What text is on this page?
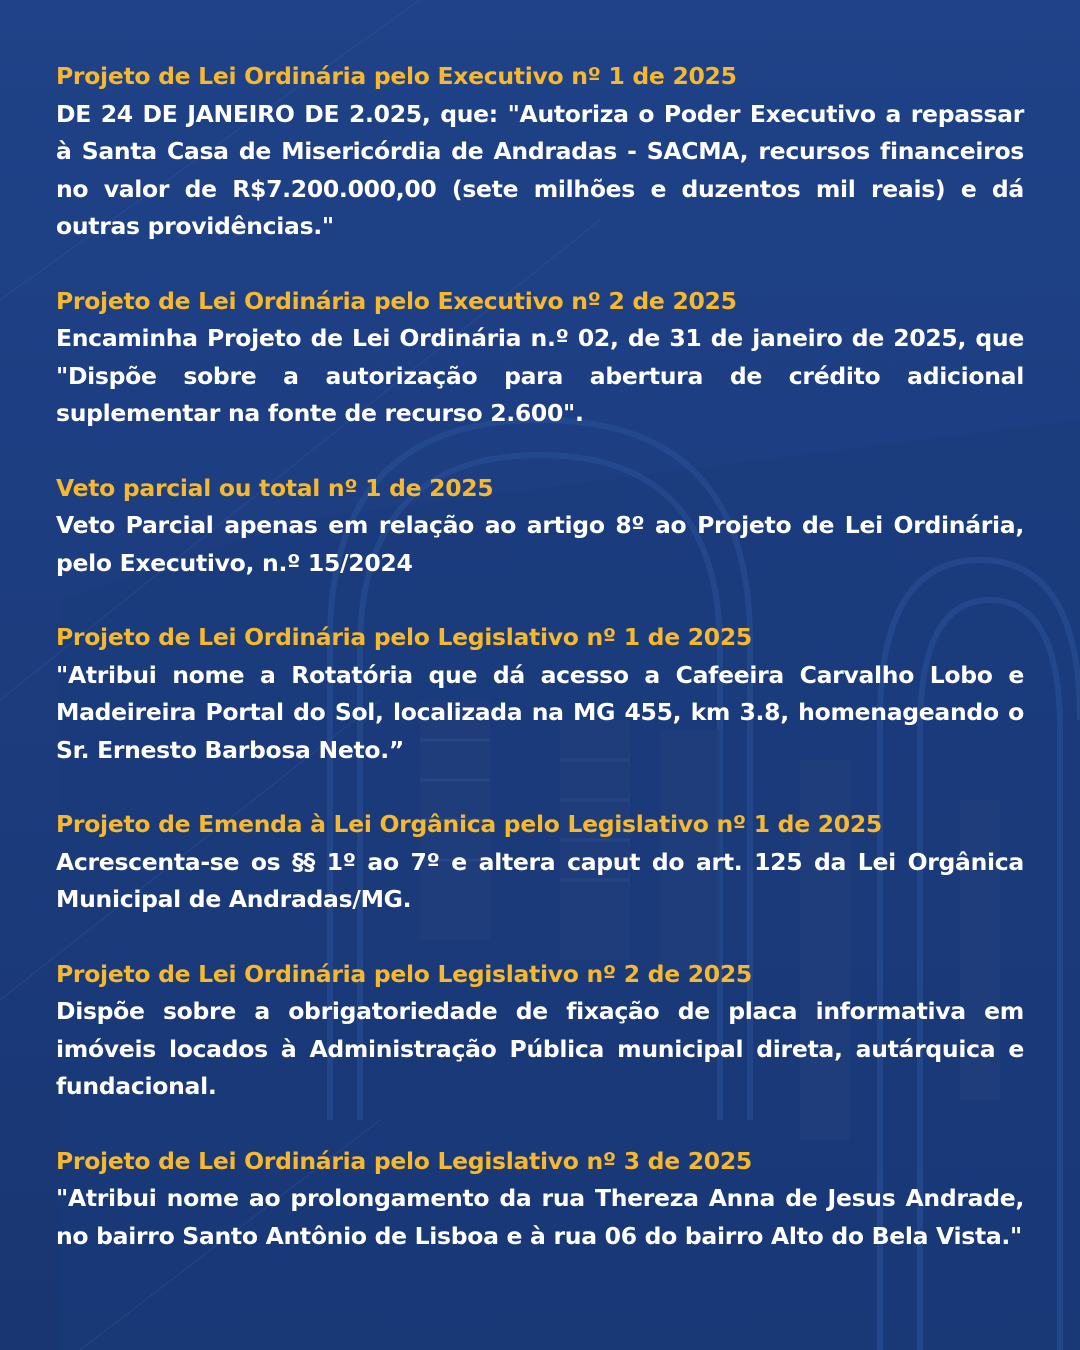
Projeto de Lei Ordinária pelo Executivo nº 1 de 2025
DE 24 DE JANEIRO DE 2.025, que: "Autoriza o Poder Executivo a repassar à Santa Casa de Misericórdia de Andradas - SACMA, recursos financeiros no valor de R$7.200.000,00 (sete milhões e duzentos mil reais) e dá outras providências."
Projeto de Lei Ordinária pelo Executivo nº 2 de 2025
Encaminha Projeto de Lei Ordinária n.º 02, de 31 de janeiro de 2025, que "Dispõe sobre a autorização para abertura de crédito adicional suplementar na fonte de recurso 2.600".
Veto parcial ou total nº 1 de 2025
Veto Parcial apenas em relação ao artigo 8º ao Projeto de Lei Ordinária, pelo Executivo, n.º 15/2024
Projeto de Lei Ordinária pelo Legislativo nº 1 de 2025
"Atribui nome a Rotatória que dá acesso a Cafeeira Carvalho Lobo e Madeireira Portal do Sol, localizada na MG 455, km 3.8, homenageando o Sr. Ernesto Barbosa Neto.”
Projeto de Emenda à Lei Orgânica pelo Legislativo nº 1 de 2025
Acrescenta-se os §§ 1º ao 7º e altera caput do art. 125 da Lei Orgânica Municipal de Andradas/MG.
Projeto de Lei Ordinária pelo Legislativo nº 2 de 2025
Dispõe sobre a obrigatoriedade de fixação de placa informativa em imóveis locados à Administração Pública municipal direta, autárquica e fundacional.
Projeto de Lei Ordinária pelo Legislativo nº 3 de 2025
"Atribui nome ao prolongamento da rua Thereza Anna de Jesus Andrade, no bairro Santo Antônio de Lisboa e à rua 06 do bairro Alto do Bela Vista."
